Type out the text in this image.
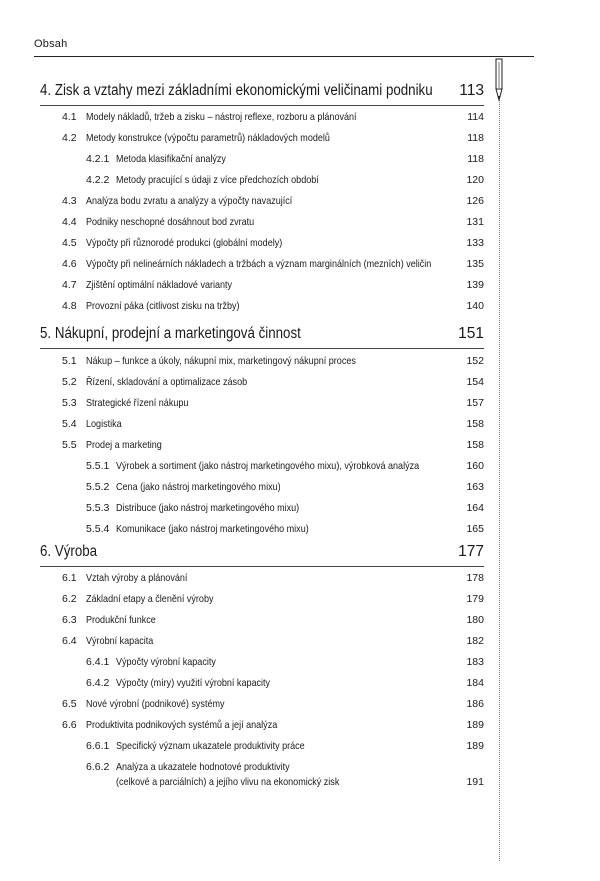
Obsah
4. Zisk a vztahy mezi základními ekonomickými veličinami podniku 113
4.1 Modely nákladů, tržeb a zisku – nástroj reflexe, rozboru a plánování	114
4.2 Metody konstrukce (výpočtu parametrů) nákladových modelů	118
4.2.1 Metoda klasifikační analýzy	118
4.2.2 Metody pracující s údaji z více předchozích období	120
4.3 Analýza bodu zvratu a analýzy a výpočty navazující	126
4.4 Podniky neschopné dosáhnout bod zvratu	131
4.5 Výpočty při různorodé produkci (globální modely)	133
4.6 Výpočty při nelineárních nákladech a tržbách a význam marginálních (mezních) veličin	135
4.7 Zjištění optimální nákladové varianty	139
4.8 Provozní páka (citlivost zisku na tržby)	140
5. Nákupní, prodejní a marketingová činnost	151
5.1 Nákup – funkce a úkoly, nákupní mix, marketingový nákupní proces	152
5.2 Řízení, skladování a optimalizace zásob	154
5.3 Strategické řízení nákupu	157
5.4 Logistika	158
5.5 Prodej a marketing	158
5.5.1 Výrobek a sortiment (jako nástroj marketingového mixu), výrobková analýza	160
5.5.2 Cena (jako nástroj marketingového mixu)	163
5.5.3 Distribuce (jako nástroj marketingového mixu)	164
5.5.4 Komunikace (jako nástroj marketingového mixu)	165
6. Výroba	177
6.1 Vztah výroby a plánování	178
6.2 Základní etapy a členění výroby	179
6.3 Produkční funkce	180
6.4 Výrobní kapacita	182
6.4.1 Výpočty výrobní kapacity	183
6.4.2 Výpočty (míry) využití výrobní kapacity	184
6.5 Nové výrobní (podnikové) systémy	186
6.6 Produktivita podnikových systémů a její analýza	189
6.6.1 Specifický význam ukazatele produktivity práce	189
6.6.2 Analýza a ukazatele hodnotové produktivity
(celkové a parciálních) a jejího vlivu na ekonomický zisk	191
